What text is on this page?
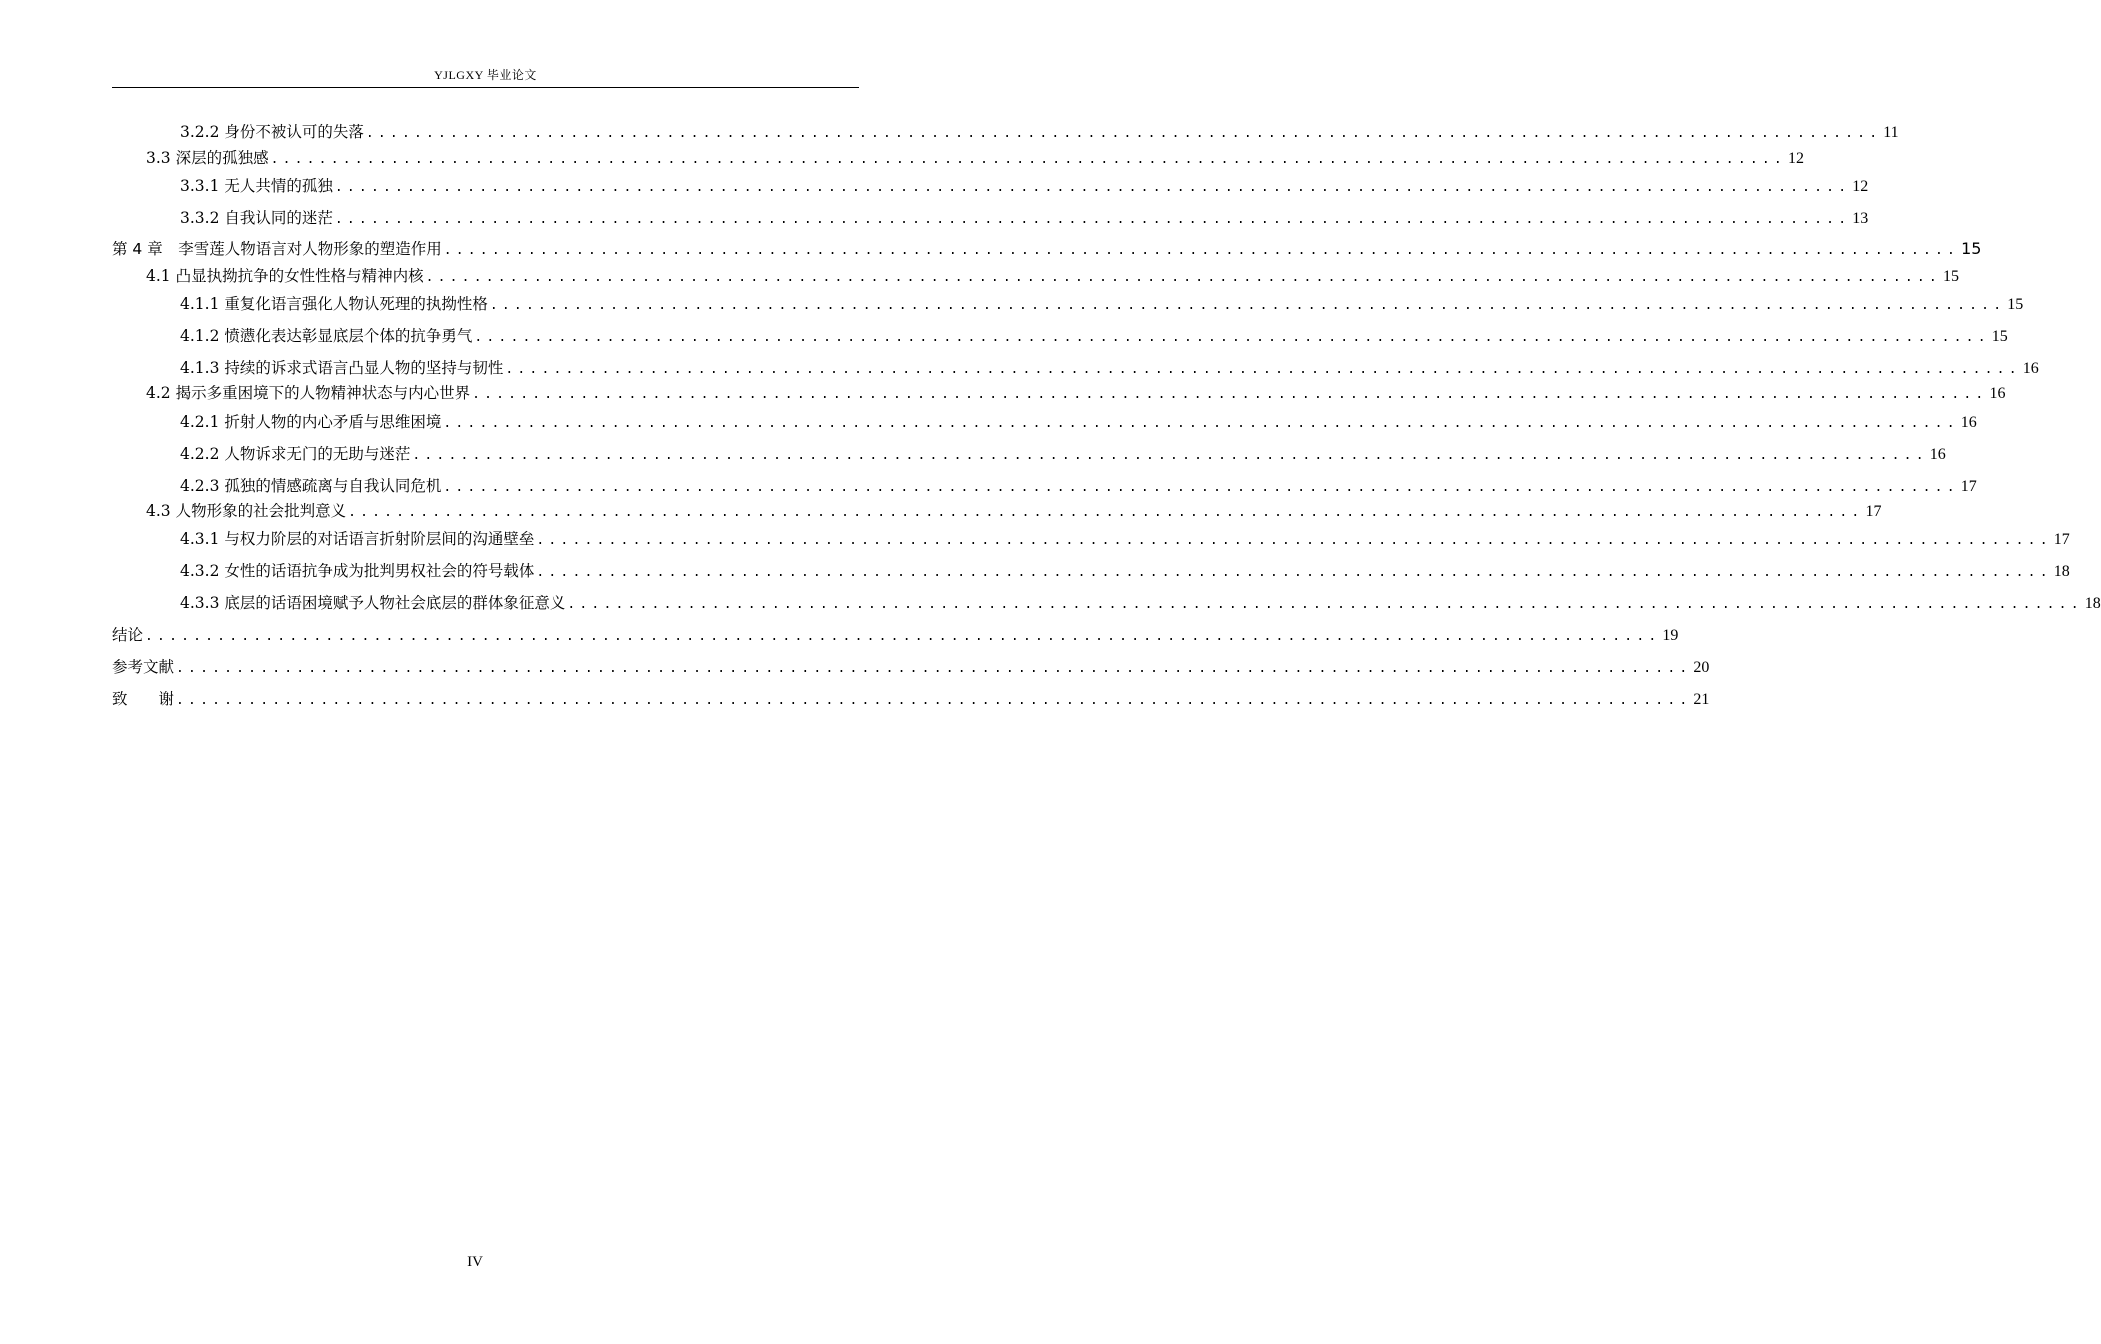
YJLGXY 毕业论文
3.2.2 身份不被认可的失落 .............................................................................................................................. 11
3.3 深层的孤独感 .............................................................................................................................. 12
3.3.1 无人共情的孤独 .............................................................................................................................. 12
3.3.2 自我认同的迷茫 .............................................................................................................................. 13
第 4 章　李雪莲人物语言对人物形象的塑造作用 .............................................................................................................................. 15
4.1 凸显执拗抗争的女性性格与精神内核 .............................................................................................................................. 15
4.1.1 重复化语言强化人物认死理的执拗性格 .............................................................................................................................. 15
4.1.2 愤懑化表达彰显底层个体的抗争勇气 .............................................................................................................................. 15
4.1.3 持续的诉求式语言凸显人物的坚持与韧性 .............................................................................................................................. 16
4.2 揭示多重困境下的人物精神状态与内心世界 .............................................................................................................................. 16
4.2.1 折射人物的内心矛盾与思维困境 .............................................................................................................................. 16
4.2.2 人物诉求无门的无助与迷茫 .............................................................................................................................. 16
4.2.3 孤独的情感疏离与自我认同危机 .............................................................................................................................. 17
4.3 人物形象的社会批判意义 .............................................................................................................................. 17
4.3.1 与权力阶层的对话语言折射阶层间的沟通壁垒 .............................................................................................................................. 17
4.3.2 女性的话语抗争成为批判男权社会的符号载体 .............................................................................................................................. 18
4.3.3 底层的话语困境赋予人物社会底层的群体象征意义 .............................................................................................................................. 18
结论 .............................................................................................................................. 19
参考文献 .............................................................................................................................. 20
致　　谢 .............................................................................................................................. 21
IV
